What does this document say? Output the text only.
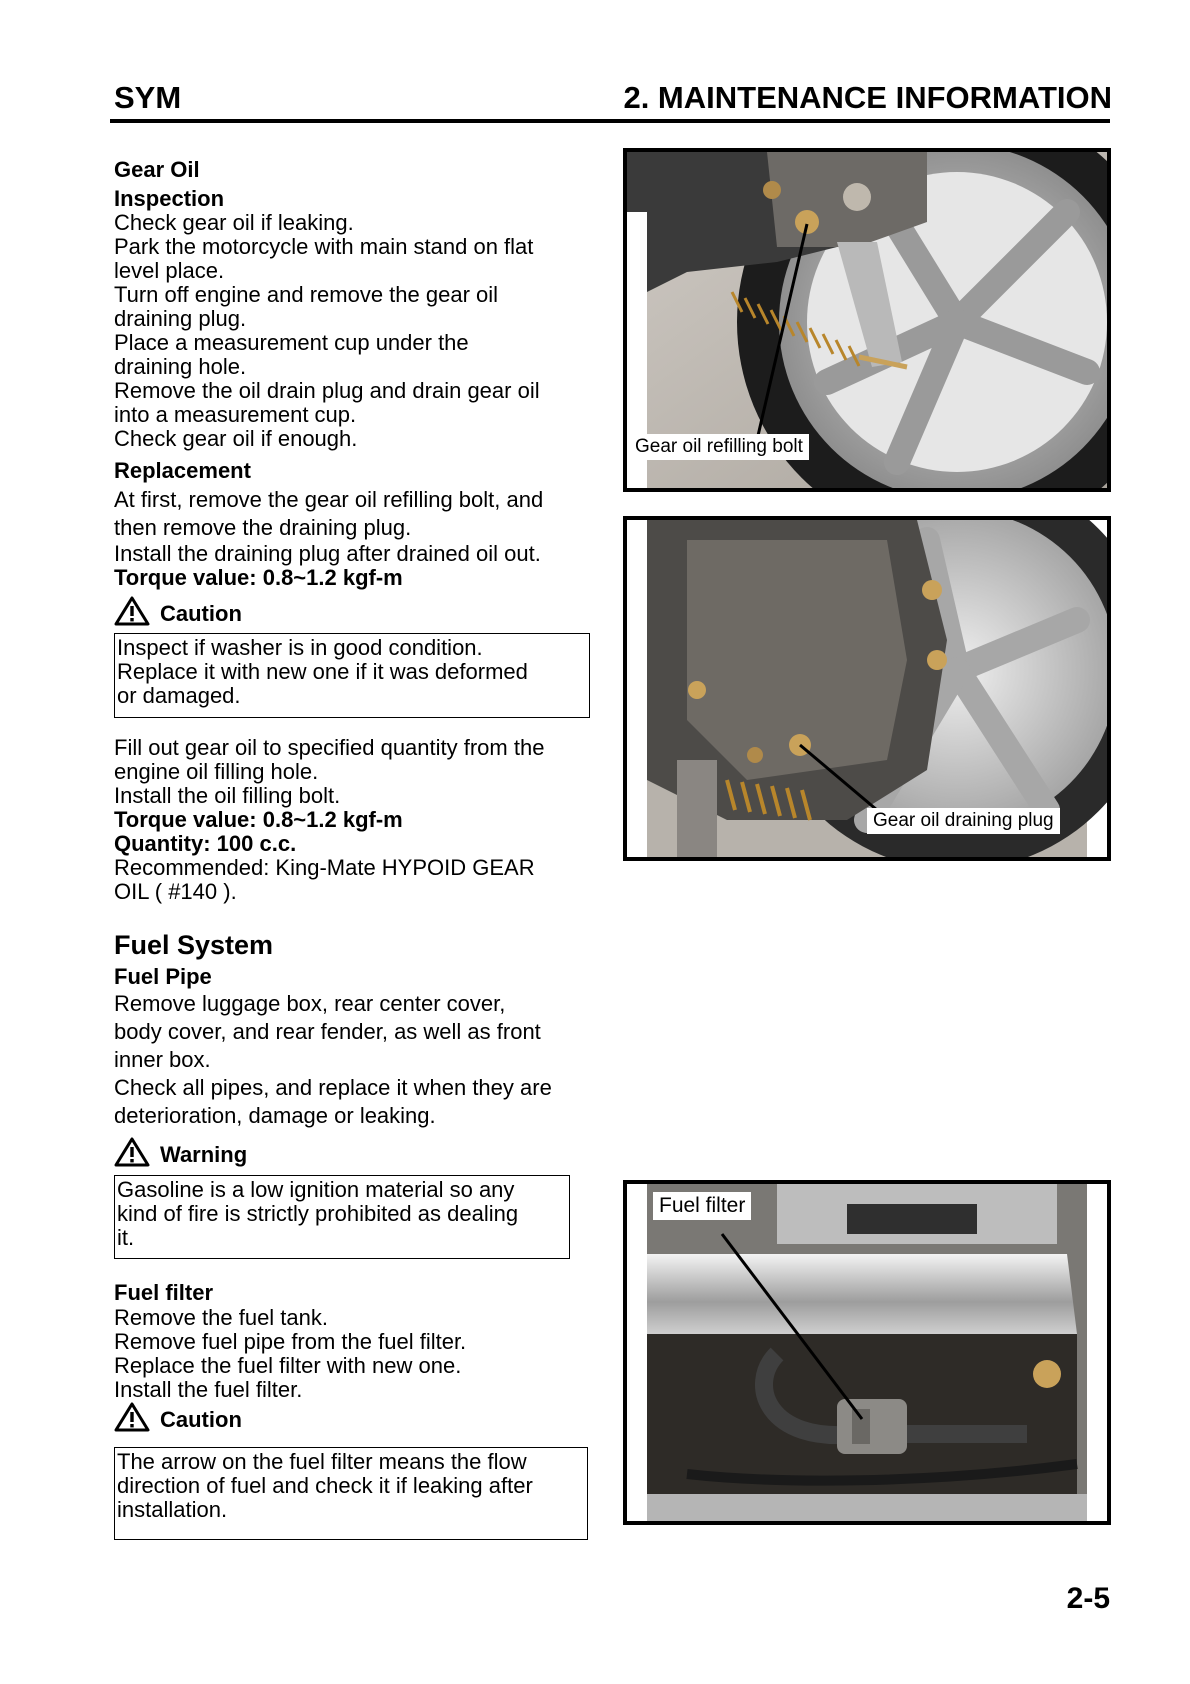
SYM	2. MAINTENANCE INFORMATION
Gear Oil
Inspection
Check gear oil if leaking.
Park the motorcycle with main stand on flat
level place.
Turn off engine and remove the gear oil
draining plug.
Place a measurement cup under the
draining hole.
Remove the oil drain plug and drain gear oil
into a measurement cup.
Check gear oil if enough.
Replacement
At first, remove the gear oil refilling bolt, and
then remove the draining plug.
Install the draining plug after drained oil out.
Torque value: 0.8~1.2 kgf-m
Caution
Inspect if washer is in good condition.
Replace it with new one if it was deformed
or damaged.
Fill out gear oil to specified quantity from the
engine oil filling hole.
Install the oil filling bolt.
Torque value: 0.8~1.2 kgf-m
Quantity: 100 c.c.
Recommended: King-Mate HYPOID GEAR
OIL ( #140 ).
Fuel System
Fuel Pipe
Remove luggage box, rear center cover,
body cover, and rear fender, as well as front
inner box.
Check all pipes, and replace it when they are
deterioration, damage or leaking.
Warning
Gasoline is a low ignition material so any
kind of fire is strictly prohibited as dealing
it.
Fuel filter
Remove the fuel tank.
Remove fuel pipe from the fuel filter.
Replace the fuel filter with new one.
Install the fuel filter.
Caution
The arrow on the fuel filter means the flow
direction of fuel and check it if leaking after
installation.
Gear oil refilling bolt
Gear oil draining plug
Fuel filter
2-5
